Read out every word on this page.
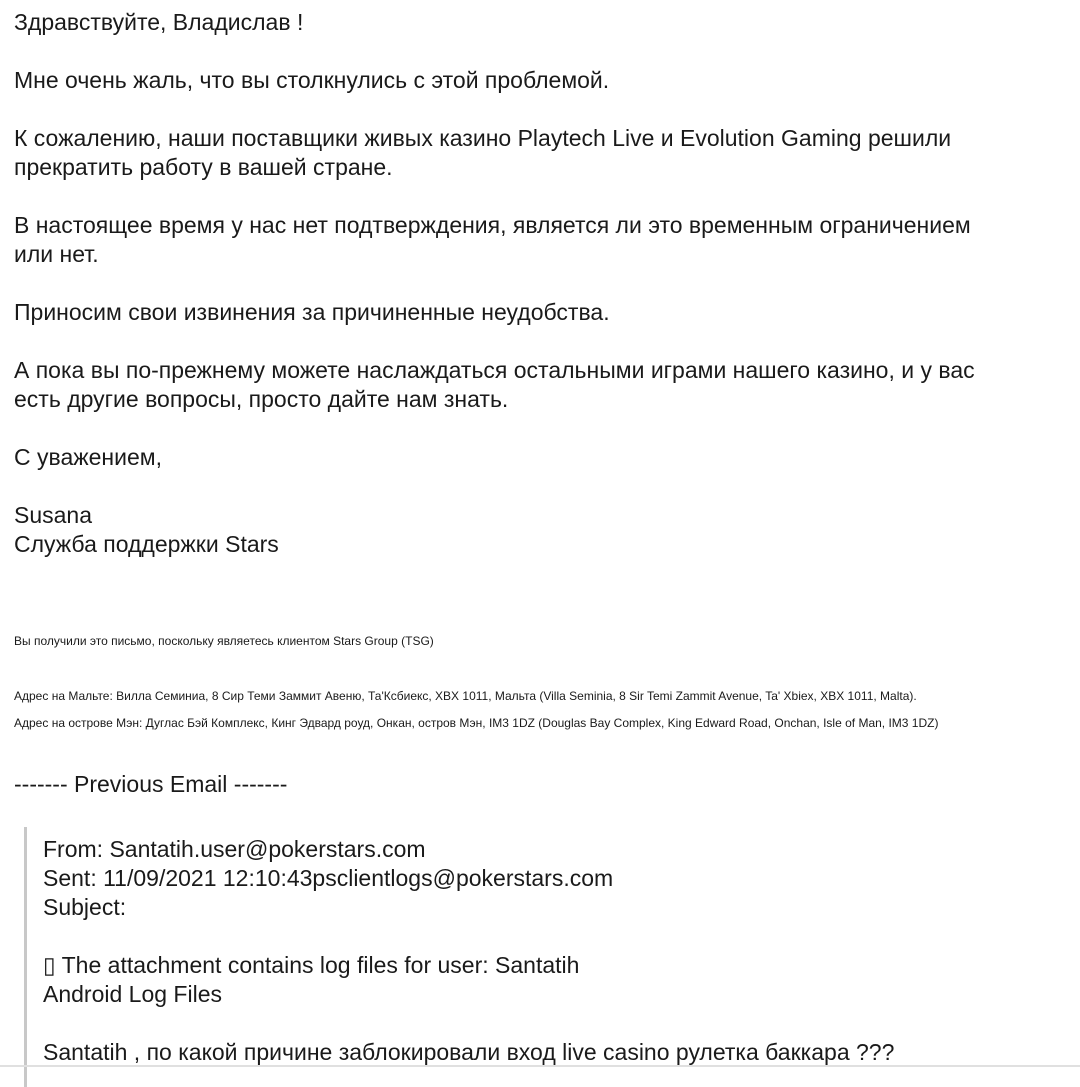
Здравствуйте, Владислав !

Мне очень жаль, что вы столкнулись с этой проблемой.

К сожалению, наши поставщики живых казино Playtech Live и Evolution Gaming решили
прекратить работу в вашей стране.

В настоящее время у нас нет подтверждения, является ли это временным ограничением
или нет.

Приносим свои извинения за причиненные неудобства.

А пока вы по-прежнему можете наслаждаться остальными играми нашего казино, и у вас
есть другие вопросы, просто дайте нам знать.

С уважением,

Susana

Служба поддержки Stars

Вы получили это письмо, поскольку являетесь клиентом Stars Group (TSG)

Адрес на Мальте: Вилла Семиниа, 8 Сир Теми Заммит Авеню, Та'Ксбиекс, XBX 1011, Мальта (Villa Seminia, 8 Sir Temi Zammit Avenue, Ta' Xbiex, XBX 1011, Malta).

Адрес на острове Мэн: Дуглас Бэй Комплекс, Кинг Эдвард роуд, Онкан, остров Мэн, IM3 1DZ (Douglas Bay Complex, King Edward Road, Onchan, Isle of Man, IM3 1DZ)

------- Previous Email -------

From: Santatih.user@pokerstars.com

Sent: 11/09/2021 12:10:43psclientlogs@pokerstars.com

Subject:

▯ The attachment contains log files for user: Santatih

Android Log Files

Santatih , по какой причине заблокировали вход live casino рулетка баккара ???
